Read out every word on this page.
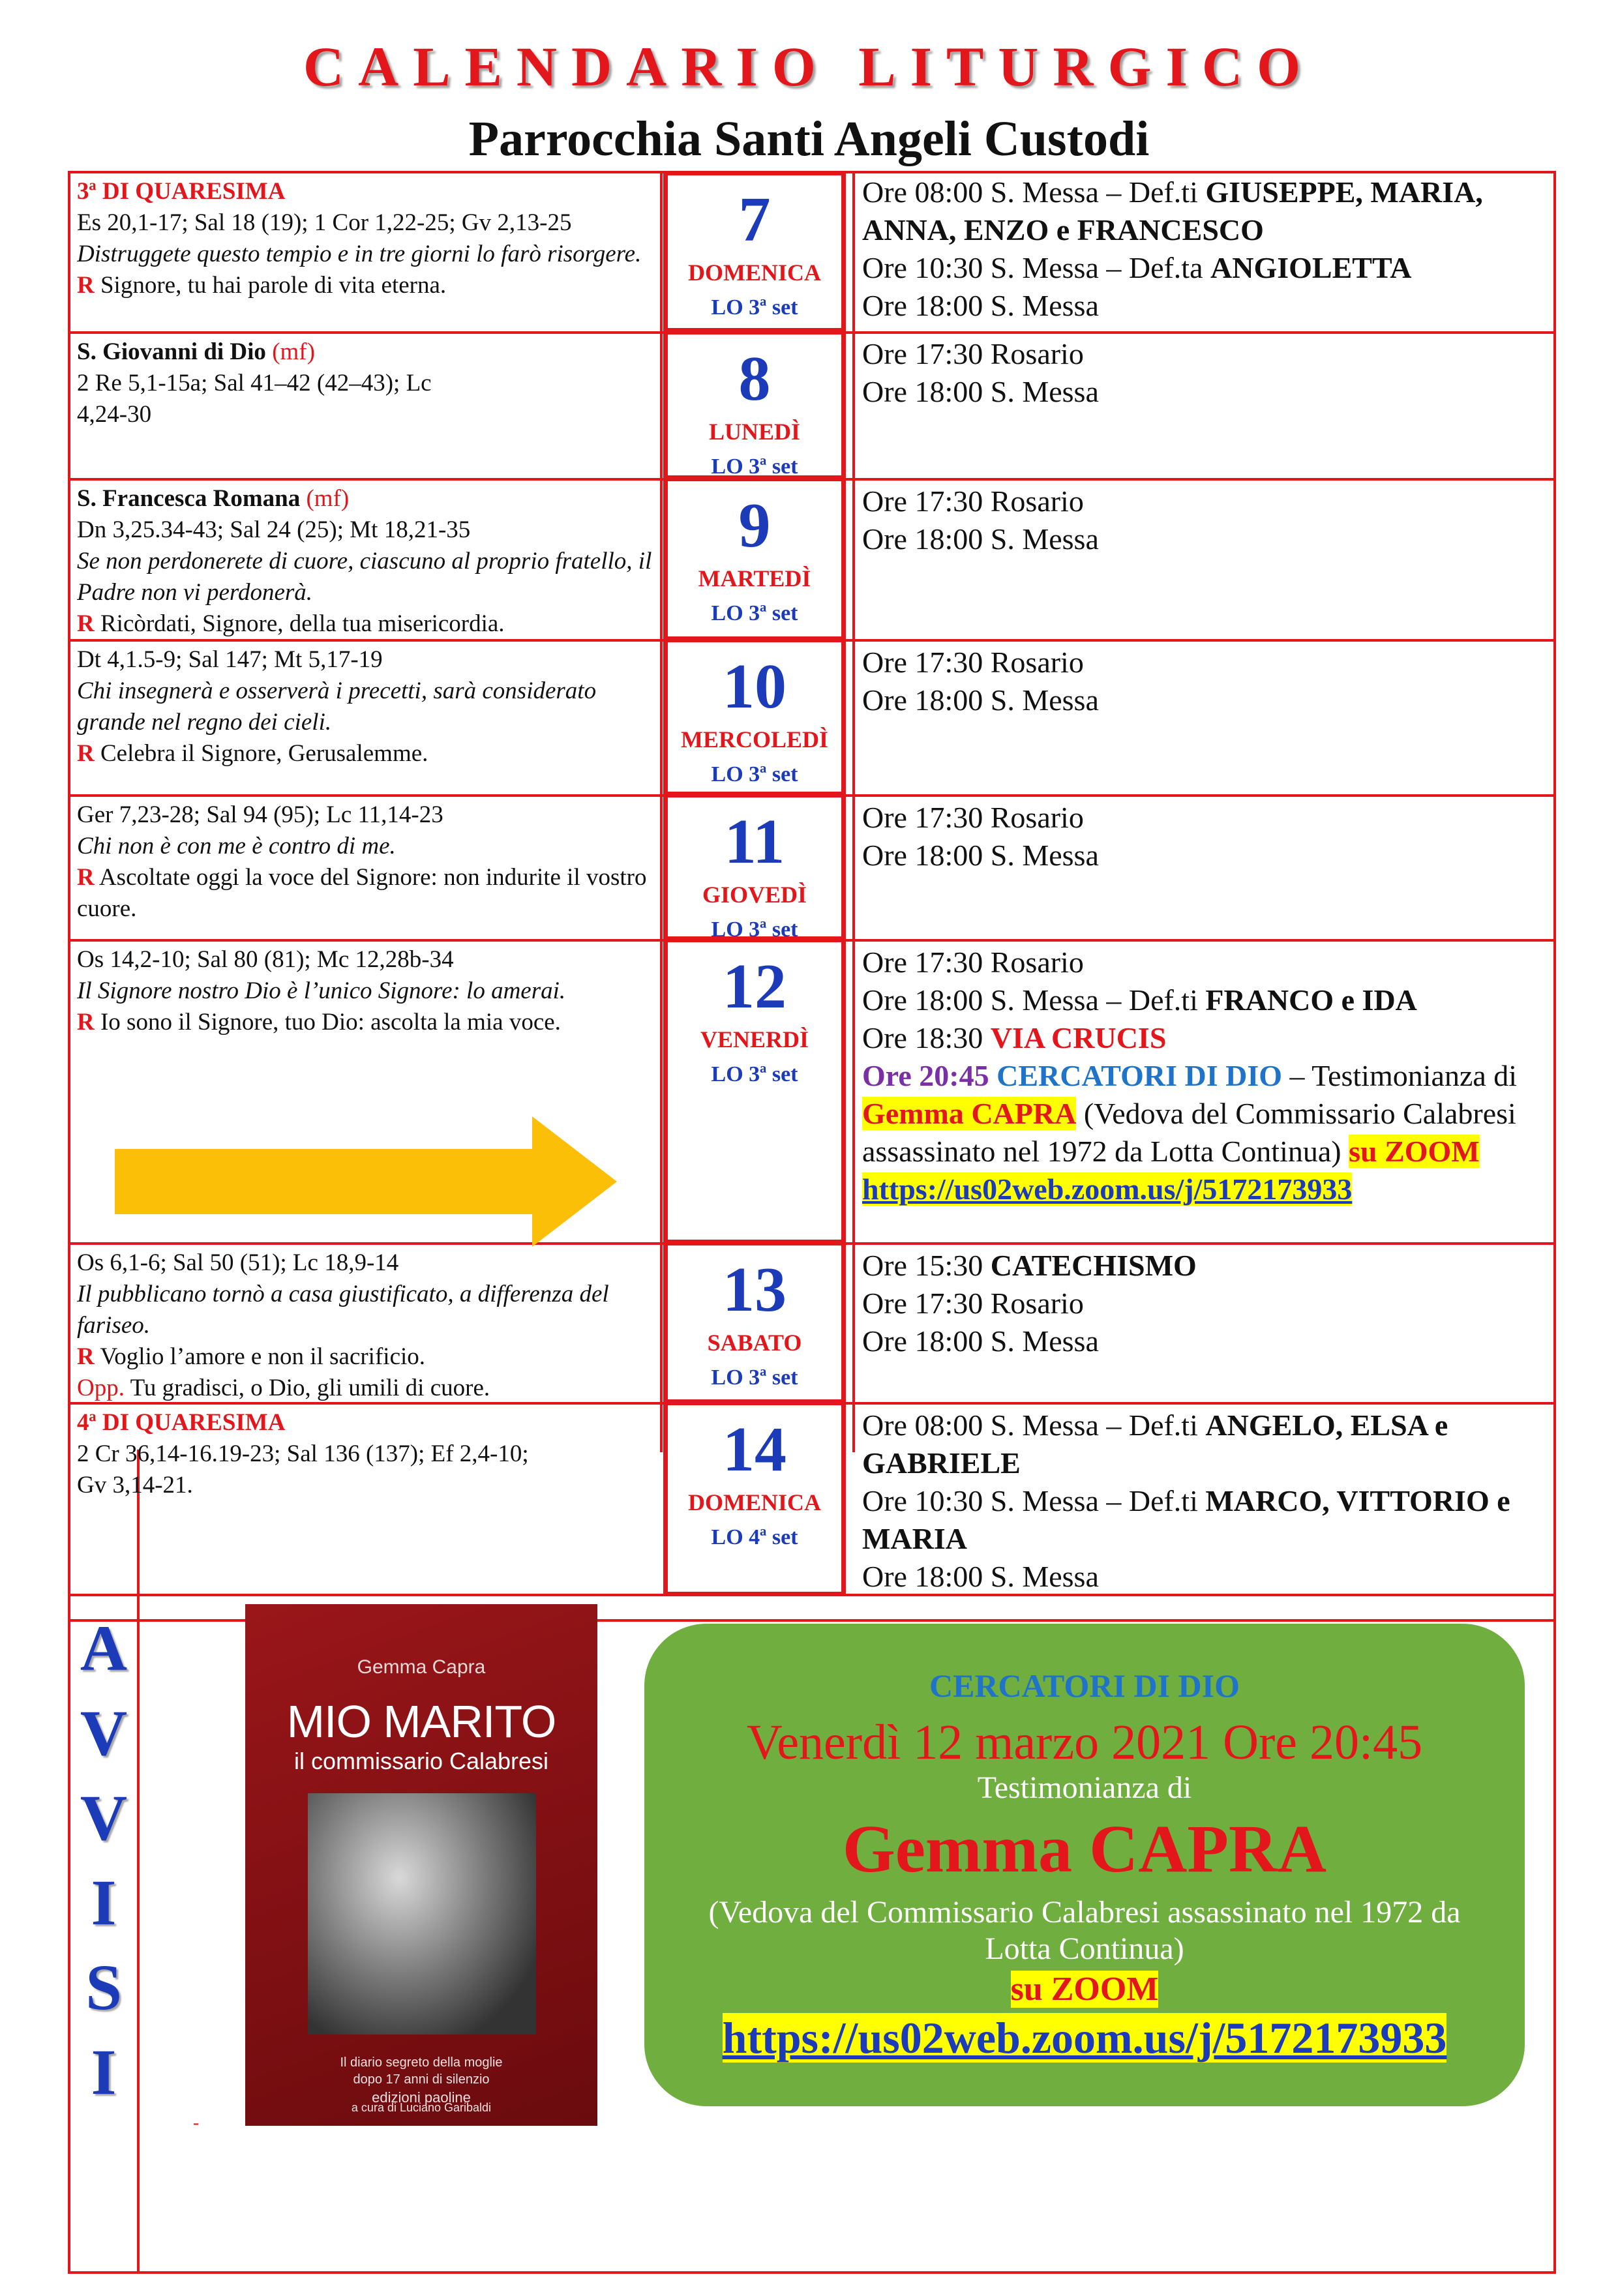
CALENDARIO LITURGICO
Parrocchia Santi Angeli Custodi
3ª DI QUARESIMA
Es 20,1-17; Sal 18 (19); 1 Cor 1,22-25; Gv 2,13-25
Distruggete questo tempio e in tre giorni lo farò risorgere.
R Signore, tu hai parole di vita eterna.
7
DOMENICA
LO 3ª set
Ore 08:00 S. Messa – Def.ti GIUSEPPE, MARIA, ANNA, ENZO e FRANCESCO
Ore 10:30 S. Messa – Def.ta ANGIOLETTA
Ore 18:00 S. Messa
S. Giovanni di Dio (mf)
2 Re 5,1-15a; Sal 41–42 (42–43); Lc 4,24-30
8
LUNEDÌ
LO 3ª set
Ore 17:30 Rosario
Ore 18:00 S. Messa
S. Francesca Romana (mf)
Dn 3,25.34-43; Sal 24 (25); Mt 18,21-35
Se non perdonerete di cuore, ciascuno al proprio fratello, il Padre non vi perdonerà.
R Ricòrdati, Signore, della tua misericordia.
9
MARTEDÌ
LO 3ª set
Ore 17:30 Rosario
Ore 18:00 S. Messa
Dt 4,1.5-9; Sal 147; Mt 5,17-19
Chi insegnerà e osserverà i precetti, sarà considerato grande nel regno dei cieli.
R Celebra il Signore, Gerusalemme.
10
MERCOLEDÌ
LO 3ª set
Ore 17:30 Rosario
Ore 18:00 S. Messa
Ger 7,23-28; Sal 94 (95); Lc 11,14-23
Chi non è con me è contro di me.
R Ascoltate oggi la voce del Signore: non indurite il vostro cuore.
11
GIOVEDÌ
LO 3ª set
Ore 17:30 Rosario
Ore 18:00 S. Messa
Os 14,2-10; Sal 80 (81); Mc 12,28b-34
Il Signore nostro Dio è l’unico Signore: lo amerai.
R Io sono il Signore, tuo Dio: ascolta la mia voce.
12
VENERDÌ
LO 3ª set
Ore 17:30 Rosario
Ore 18:00 S. Messa – Def.ti FRANCO e IDA
Ore 18:30 VIA CRUCIS
Ore 20:45 CERCATORI DI DIO – Testimonianza di Gemma CAPRA (Vedova del Commissario Calabresi assassinato nel 1972 da Lotta Continua) su ZOOM
https://us02web.zoom.us/j/5172173933
Os 6,1-6; Sal 50 (51); Lc 18,9-14
Il pubblicano tornò a casa giustificato, a differenza del fariseo.
R Voglio l’amore e non il sacrificio.
Opp. Tu gradisci, o Dio, gli umili di cuore.
13
SABATO
LO 3ª set
Ore 15:30 CATECHISMO
Ore 17:30 Rosario
Ore 18:00 S. Messa
4ª DI QUARESIMA
2 Cr 36,14-16.19-23; Sal 136 (137); Ef 2,4-10; Gv 3,14-21.
14
DOMENICA
LO 4ª set
Ore 08:00 S. Messa – Def.ti ANGELO, ELSA e GABRIELE
Ore 10:30 S. Messa – Def.ti MARCO, VITTORIO e MARIA
Ore 18:00 S. Messa
A
V
V
I
S
I
Gemma Capra
MIO MARITO
il commissario Calabresi
Il diario segreto della moglie
dopo 17 anni di silenzio
a cura di Luciano Garibaldi
edizioni paoline
-
CERCATORI DI DIO
Venerdì 12 marzo 2021 Ore 20:45
Testimonianza di
Gemma CAPRA
(Vedova del Commissario Calabresi assassinato nel 1972 da Lotta Continua)
su ZOOM
https://us02web.zoom.us/j/5172173933
